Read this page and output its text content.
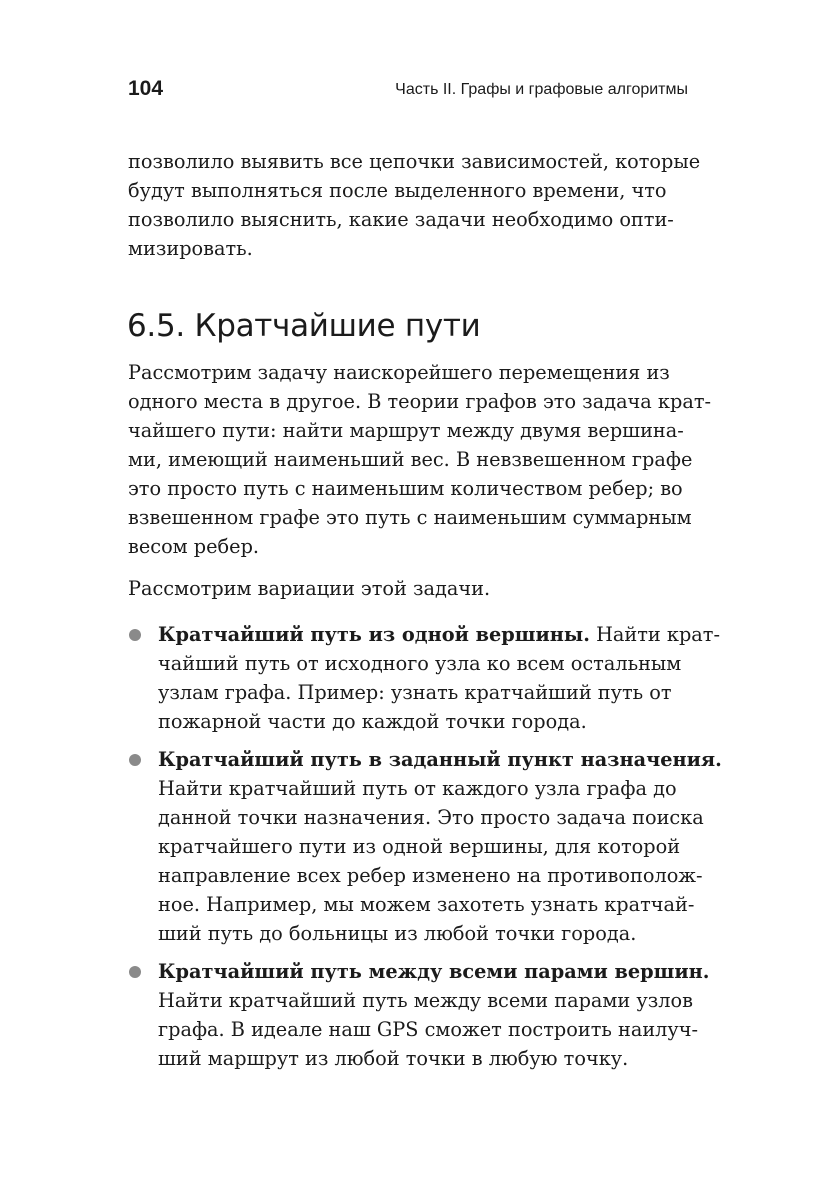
104	Часть II. Графы и графовые алгоритмы
позволило выявить все цепочки зависимостей, которые
будут выполняться после выделенного времени, что
позволило выяснить, какие задачи необходимо опти-
мизировать.
6.5. Кратчайшие пути
Рассмотрим задачу наискорейшего перемещения из
одного места в другое. В теории графов это задача крат-
чайшего пути: найти маршрут между двумя вершина-
ми, имеющий наименьший вес. В невзвешенном графе
это просто путь с наименьшим количеством ребер; во
взвешенном графе это путь с наименьшим суммарным
весом ребер.
Рассмотрим вариации этой задачи.
Кратчайший путь из одной вершины. Найти крат-
чайший путь от исходного узла ко всем остальным
узлам графа. Пример: узнать кратчайший путь от
пожарной части до каждой точки города.
Кратчайший путь в заданный пункт назначения.
Найти кратчайший путь от каждого узла графа до
данной точки назначения. Это просто задача поиска
кратчайшего пути из одной вершины, для которой
направление всех ребер изменено на противополож-
ное. Например, мы можем захотеть узнать кратчай-
ший путь до больницы из любой точки города.
Кратчайший путь между всеми парами вершин.
Найти кратчайший путь между всеми парами узлов
графа. В идеале наш GPS сможет построить наилуч-
ший маршрут из любой точки в любую точку.
